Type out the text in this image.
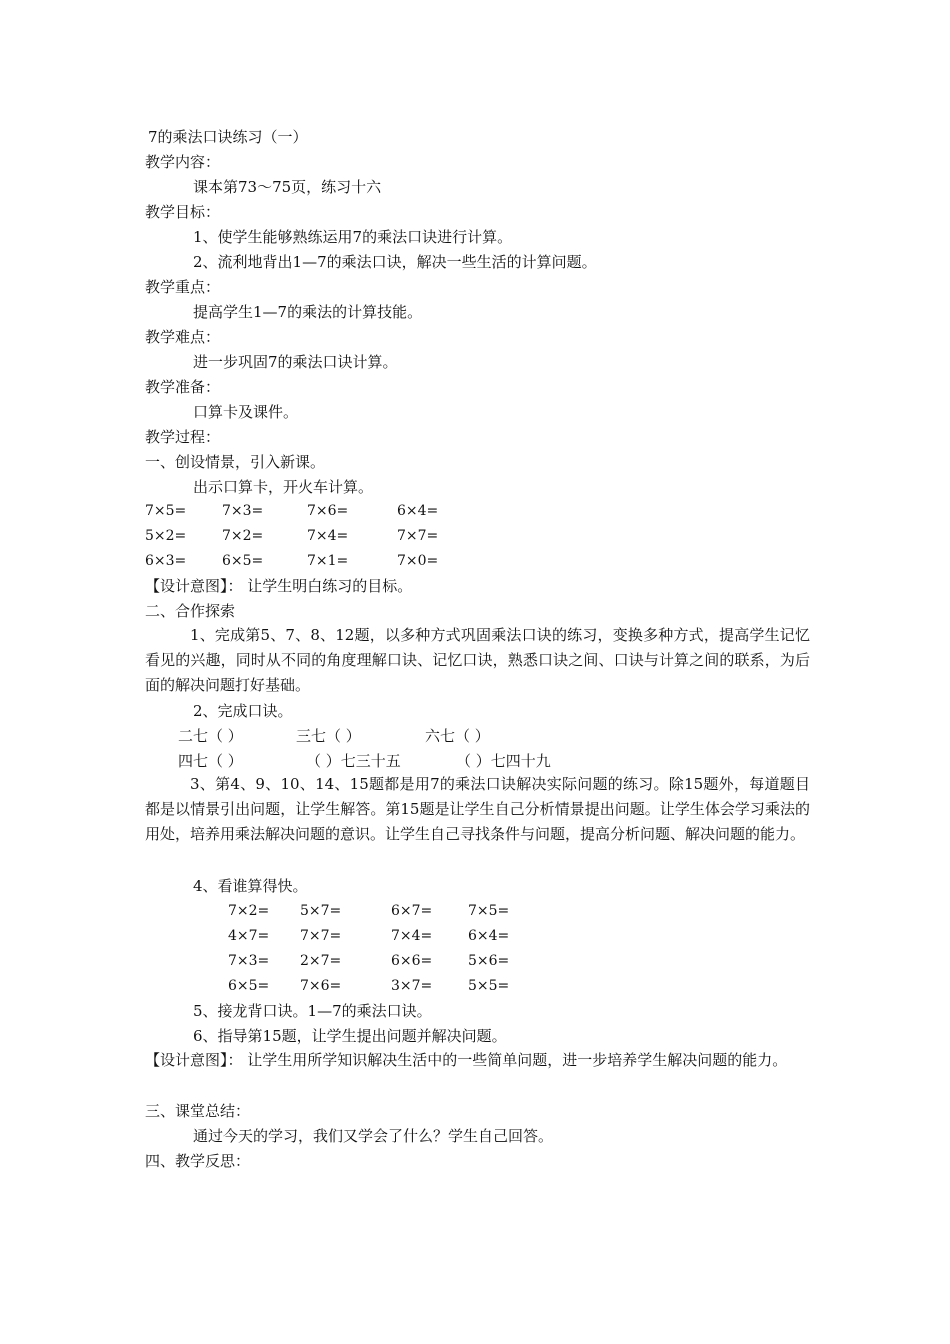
7的乘法口诀练习（一）
教学内容：
课本第73～75页，练习十六
教学目标：
1、使学生能够熟练运用7的乘法口诀进行计算。
2、流利地背出1—7的乘法口诀，解决一些生活的计算问题。
教学重点：
提高学生1—7的乘法的计算技能。
教学难点：
进一步巩固7的乘法口诀计算。
教学准备：
口算卡及课件。
教学过程：
一、创设情景，引入新课。
出示口算卡，开火车计算。
7×5=	7×3=	7×6=	6×4=
5×2=	7×2=	7×4=	7×7=
6×3=	6×5=	7×1=	7×0=
【设计意图】： 让学生明白练习的目标。
二、合作探索
1、完成第5、7、8、12题，以多种方式巩固乘法口诀的练习，变换多种方式，提高学生记忆看见的兴趣，同时从不同的角度理解口诀、记忆口诀，熟悉口诀之间、口诀与计算之间的联系，为后面的解决问题打好基础。
2、完成口诀。
二七（ ）	三七（ ）	六七（ ）
四七（ ）	（ ）七三十五	（ ）七四十九
3、第4、9、10、14、15题都是用7的乘法口诀解决实际问题的练习。除15题外，每道题目都是以情景引出问题，让学生解答。第15题是让学生自己分析情景提出问题。让学生体会学习乘法的用处，培养用乘法解决问题的意识。让学生自己寻找条件与问题，提高分析问题、解决问题的能力。
4、看谁算得快。
7×2= 5×7=	6×7=	7×5=
4×7= 7×7=	7×4=	6×4=
7×3= 2×7=	6×6=	5×6=
6×5= 7×6=	3×7=	5×5=
5、接龙背口诀。1—7的乘法口诀。
6、指导第15题，让学生提出问题并解决问题。
【设计意图】： 让学生用所学知识解决生活中的一些简单问题，进一步培养学生解决问题的能力。
三、课堂总结：
通过今天的学习，我们又学会了什么？学生自己回答。
四、教学反思：
